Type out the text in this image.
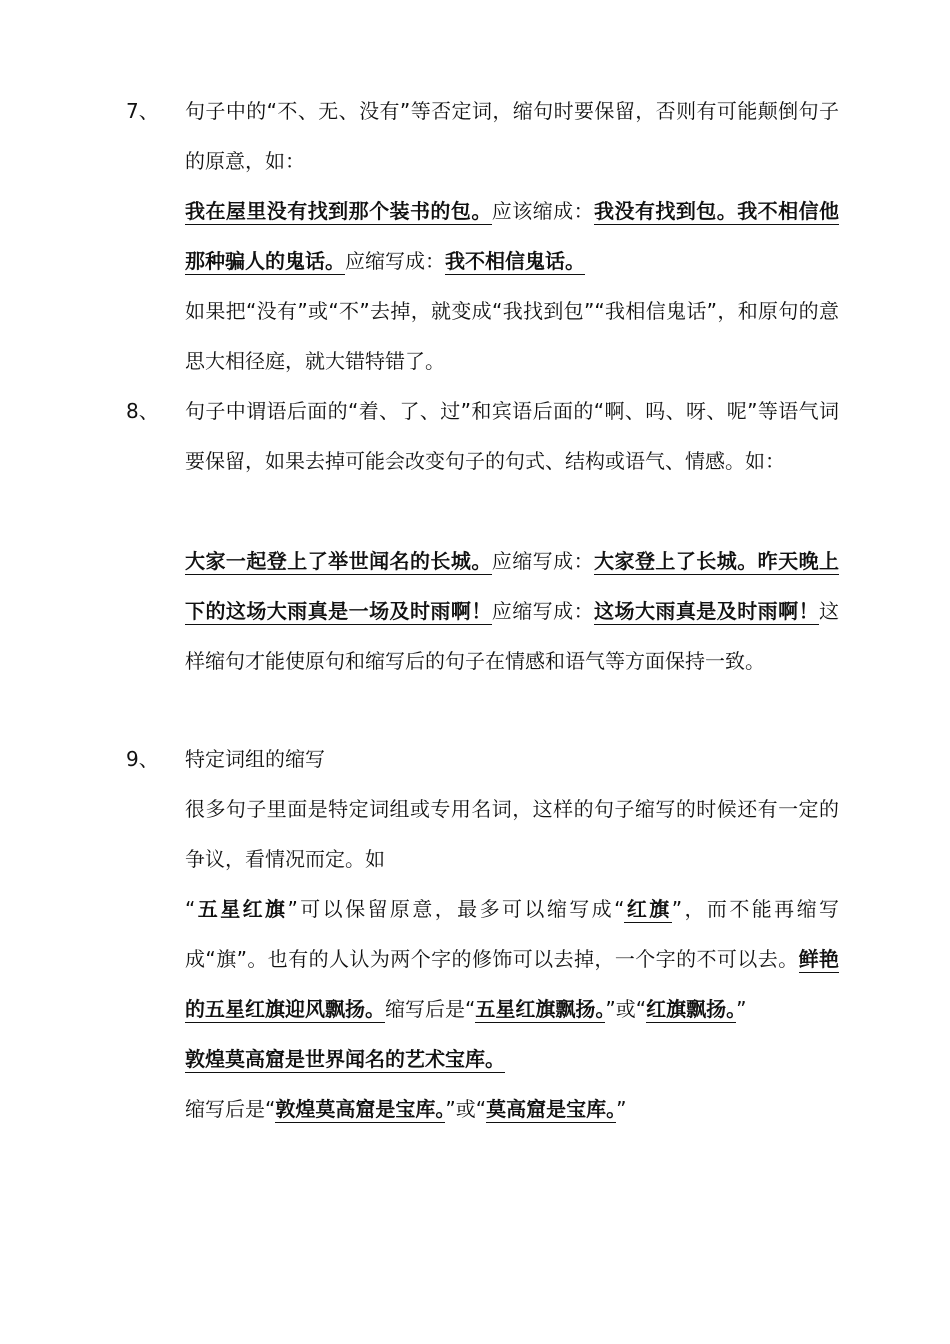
7、 句子中的“不、无、没有”等否定词，缩句时要保留，否则有可能颠倒句子的原意，如：
我在屋里没有找到那个装书的包。应该缩成：我没有找到包。我不相信他那种骗人的鬼话。应缩写成：我不相信鬼话。
如果把“没有”或“不”去掉，就变成“我找到包”“我相信鬼话”，和原句的意思大相径庭，就大错特错了。
8、 句子中谓语后面的“着、了、过”和宾语后面的“啊、吗、呀、呢”等语气词要保留，如果去掉可能会改变句子的句式、结构或语气、情感。如：
大家一起登上了举世闻名的长城。应缩写成：大家登上了长城。昨天晚上下的这场大雨真是一场及时雨啊！应缩写成：这场大雨真是及时雨啊！这样缩句才能使原句和缩写后的句子在情感和语气等方面保持一致。
9、 特定词组的缩写
很多句子里面是特定词组或专用名词，这样的句子缩写的时候还有一定的争议，看情况而定。如
“五星红旗”可以保留原意，最多可以缩写成“红旗”，而不能再缩写成“旗”。也有的人认为两个字的修饰可以去掉，一个字的不可以去。鲜艳的五星红旗迎风飘扬。缩写后是“五星红旗飘扬。”或“红旗飘扬。”
敦煌莫高窟是世界闻名的艺术宝库。
缩写后是“敦煌莫高窟是宝库。”或“莫高窟是宝库。”
